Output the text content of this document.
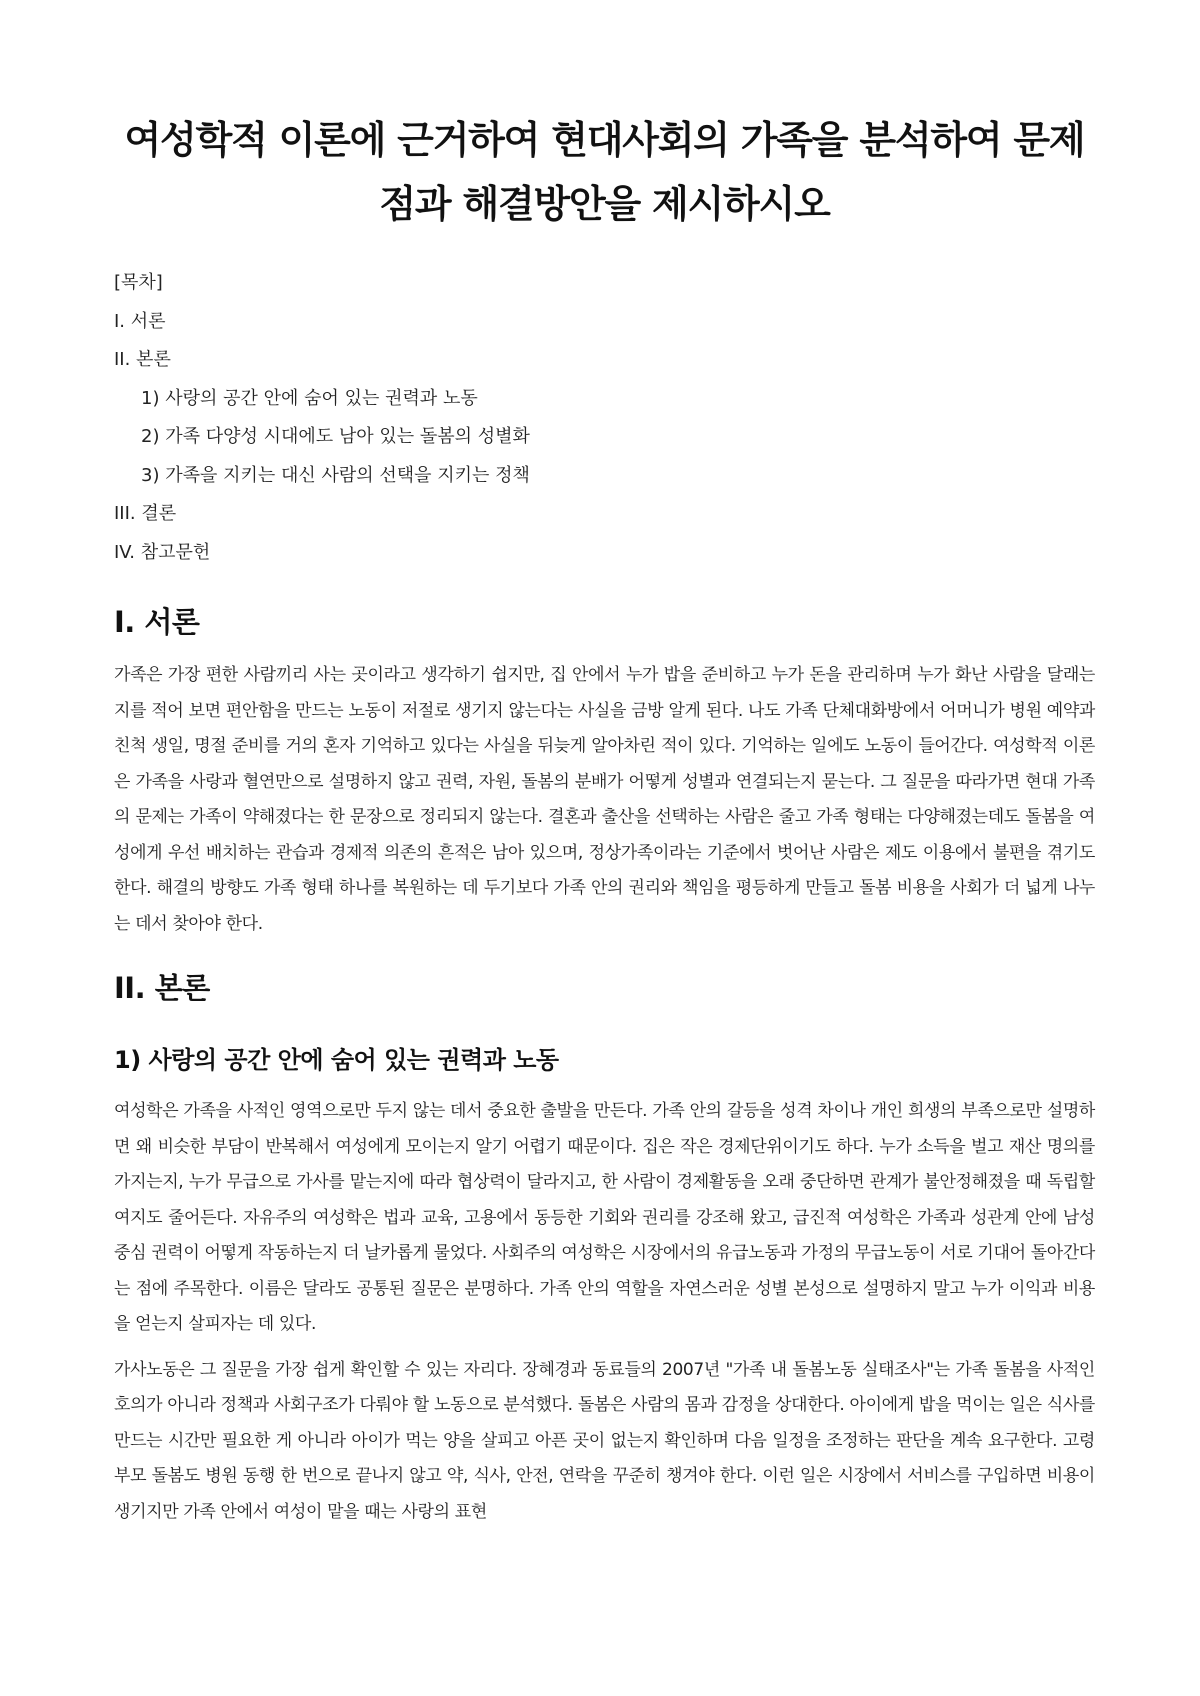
여성학적 이론에 근거하여 현대사회의 가족을 분석하여 문제점과 해결방안을 제시하시오
[목차]
I. 서론
II. 본론
1) 사랑의 공간 안에 숨어 있는 권력과 노동
2) 가족 다양성 시대에도 남아 있는 돌봄의 성별화
3) 가족을 지키는 대신 사람의 선택을 지키는 정책
III. 결론
IV. 참고문헌
I. 서론

가족은 가장 편한 사람끼리 사는 곳이라고 생각하기 쉽지만, 집 안에서 누가 밥을 준비하고 누가 돈을 관리하며 누가 화난 사람을 달래는지를 적어 보면 편안함을 만드는 노동이 저절로 생기지 않는다는 사실을 금방 알게 된다. 나도 가족 단체대화방에서 어머니가 병원 예약과 친척 생일, 명절 준비를 거의 혼자 기억하고 있다는 사실을 뒤늦게 알아차린 적이 있다. 기억하는 일에도 노동이 들어간다. 여성학적 이론은 가족을 사랑과 혈연만으로 설명하지 않고 권력, 자원, 돌봄의 분배가 어떻게 성별과 연결되는지 묻는다. 그 질문을 따라가면 현대 가족의 문제는 가족이 약해졌다는 한 문장으로 정리되지 않는다. 결혼과 출산을 선택하는 사람은 줄고 가족 형태는 다양해졌는데도 돌봄을 여성에게 우선 배치하는 관습과 경제적 의존의 흔적은 남아 있으며, 정상가족이라는 기준에서 벗어난 사람은 제도 이용에서 불편을 겪기도 한다. 해결의 방향도 가족 형태 하나를 복원하는 데 두기보다 가족 안의 권리와 책임을 평등하게 만들고 돌봄 비용을 사회가 더 넓게 나누는 데서 찾아야 한다.

II. 본론
1) 사랑의 공간 안에 숨어 있는 권력과 노동

여성학은 가족을 사적인 영역으로만 두지 않는 데서 중요한 출발을 만든다. 가족 안의 갈등을 성격 차이나 개인 희생의 부족으로만 설명하면 왜 비슷한 부담이 반복해서 여성에게 모이는지 알기 어렵기 때문이다. 집은 작은 경제단위이기도 하다. 누가 소득을 벌고 재산 명의를 가지는지, 누가 무급으로 가사를 맡는지에 따라 협상력이 달라지고, 한 사람이 경제활동을 오래 중단하면 관계가 불안정해졌을 때 독립할 여지도 줄어든다. 자유주의 여성학은 법과 교육, 고용에서 동등한 기회와 권리를 강조해 왔고, 급진적 여성학은 가족과 성관계 안에 남성 중심 권력이 어떻게 작동하는지 더 날카롭게 물었다. 사회주의 여성학은 시장에서의 유급노동과 가정의 무급노동이 서로 기대어 돌아간다는 점에 주목한다. 이름은 달라도 공통된 질문은 분명하다. 가족 안의 역할을 자연스러운 성별 본성으로 설명하지 말고 누가 이익과 비용을 얻는지 살피자는 데 있다.

가사노동은 그 질문을 가장 쉽게 확인할 수 있는 자리다. 장혜경과 동료들의 2007년 "가족 내 돌봄노동 실태조사"는 가족 돌봄을 사적인 호의가 아니라 정책과 사회구조가 다뤄야 할 노동으로 분석했다. 돌봄은 사람의 몸과 감정을 상대한다. 아이에게 밥을 먹이는 일은 식사를 만드는 시간만 필요한 게 아니라 아이가 먹는 양을 살피고 아픈 곳이 없는지 확인하며 다음 일정을 조정하는 판단을 계속 요구한다. 고령 부모 돌봄도 병원 동행 한 번으로 끝나지 않고 약, 식사, 안전, 연락을 꾸준히 챙겨야 한다. 이런 일은 시장에서 서비스를 구입하면 비용이 생기지만 가족 안에서 여성이 맡을 때는 사랑의 표현
